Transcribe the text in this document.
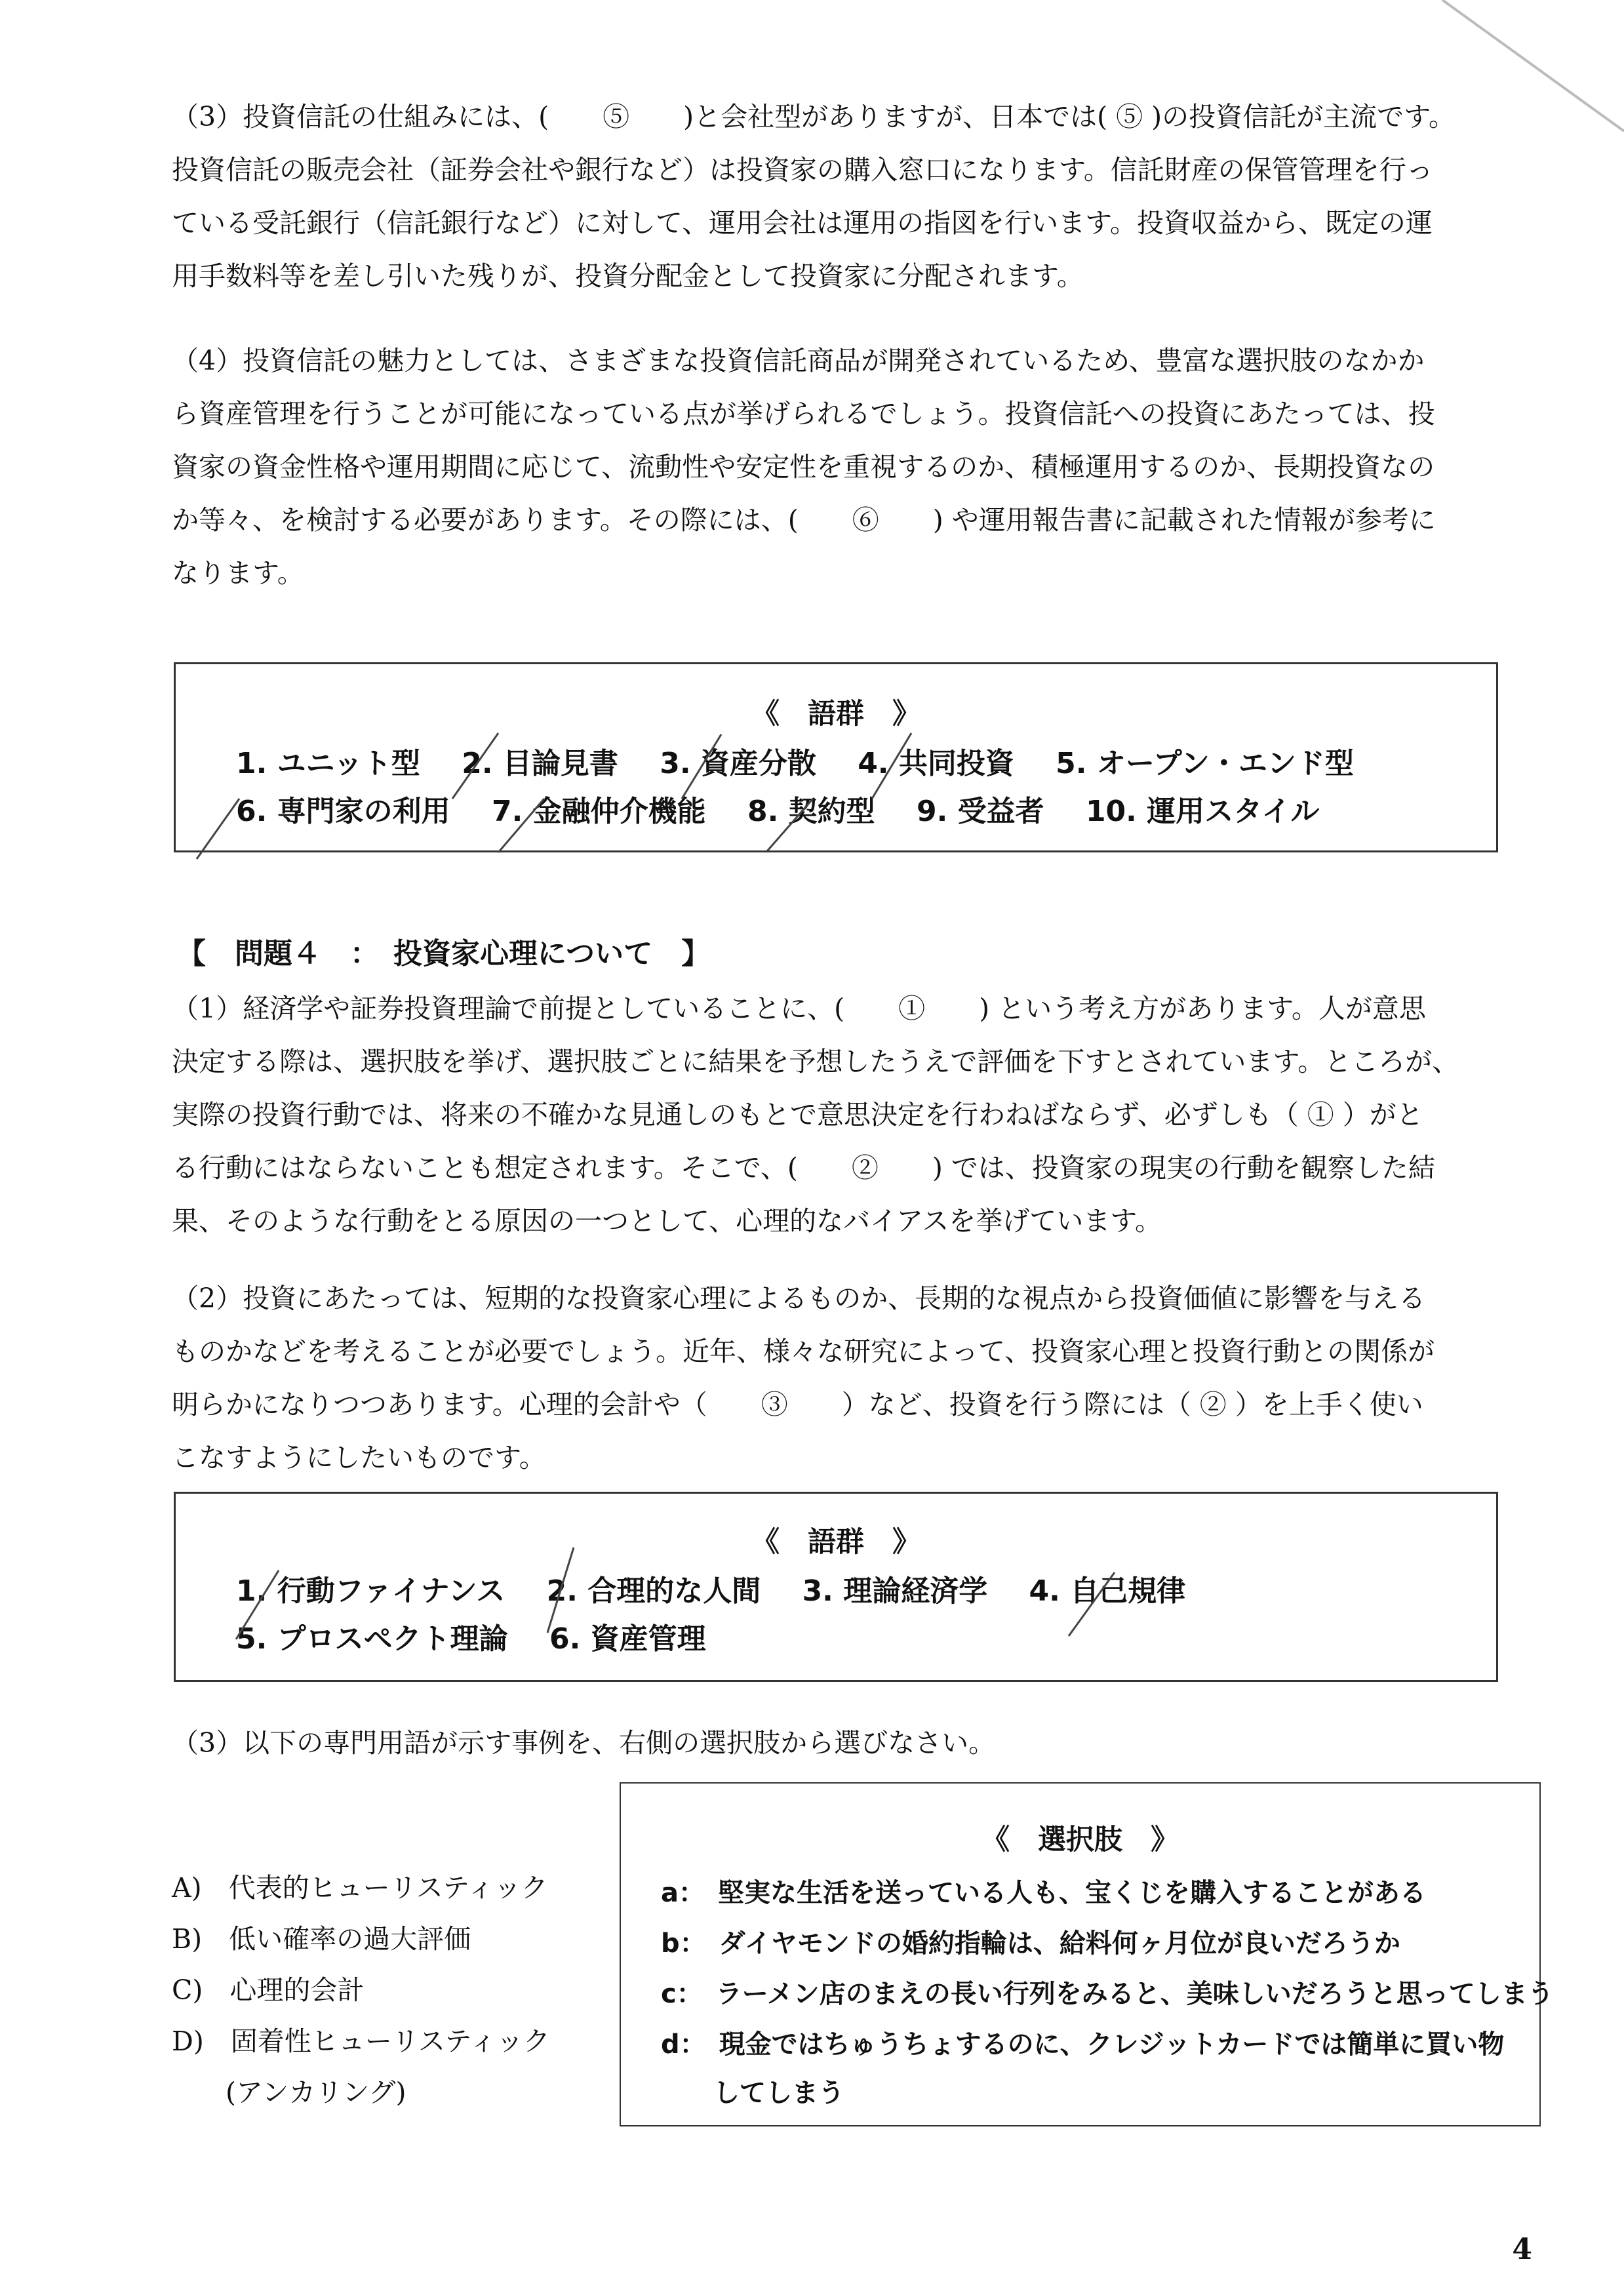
（3）投資信託の仕組みには、(　　⑤　　)と会社型がありますが、日本では( ⑤ )の投資信託が主流です。
投資信託の販売会社（証券会社や銀行など）は投資家の購入窓口になります。信託財産の保管管理を行っ
ている受託銀行（信託銀行など）に対して、運用会社は運用の指図を行います。投資収益から、既定の運
用手数料等を差し引いた残りが、投資分配金として投資家に分配されます。
（4）投資信託の魅力としては、さまざまな投資信託商品が開発されているため、豊富な選択肢のなかか
ら資産管理を行うことが可能になっている点が挙げられるでしょう。投資信託への投資にあたっては、投
資家の資金性格や運用期間に応じて、流動性や安定性を重視するのか、積極運用するのか、長期投資なの
か等々、を検討する必要があります。その際には、(　　⑥　　) や運用報告書に記載された情報が参考に
なります。
《　語群　》
1. ユニット型 2. 目論見書 3. 資産分散 4. 共同投資 5. オープン・エンド型
6. 専門家の利用 7. 金融仲介機能 8. 契約型 9. 受益者 10. 運用スタイル
【　問題４　：　投資家心理について　】
（1）経済学や証券投資理論で前提としていることに、(　　①　　) という考え方があります。人が意思
決定する際は、選択肢を挙げ、選択肢ごとに結果を予想したうえで評価を下すとされています。ところが、
実際の投資行動では、将来の不確かな見通しのもとで意思決定を行わねばならず、必ずしも（ ① ）がと
る行動にはならないことも想定されます。そこで、(　　②　　) では、投資家の現実の行動を観察した結
果、そのような行動をとる原因の一つとして、心理的なバイアスを挙げています。
（2）投資にあたっては、短期的な投資家心理によるものか、長期的な視点から投資価値に影響を与える
ものかなどを考えることが必要でしょう。近年、様々な研究によって、投資家心理と投資行動との関係が
明らかになりつつあります。心理的会計や（　　③　　）など、投資を行う際には（ ② ）を上手く使い
こなすようにしたいものです。
《　語群　》
1. 行動ファイナンス 2. 合理的な人間 3. 理論経済学 4. 自己規律
5. プロスペクト理論 6. 資産管理
（3）以下の専門用語が示す事例を、右側の選択肢から選びなさい。
A)　代表的ヒューリスティック
B)　低い確率の過大評価
C)　心理的会計
D)　固着性ヒューリスティック
　　(アンカリング)
《　選択肢　》
a：　堅実な生活を送っている人も、宝くじを購入することがある
b：　ダイヤモンドの婚約指輪は、給料何ヶ月位が良いだろうか
c：　ラーメン店のまえの長い行列をみると、美味しいだろうと思ってしまう
d：　現金ではちゅうちょするのに、クレジットカードでは簡単に買い物
　　してしまう
4
